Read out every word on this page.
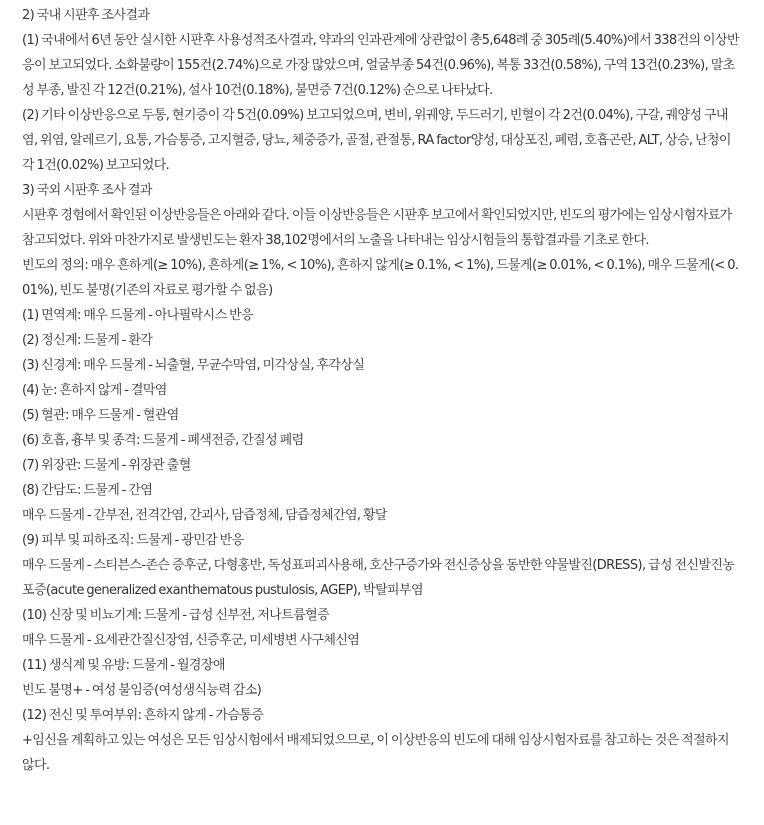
2) 국내 시판후 조사결과

(1) 국내에서 6년 동안 실시한 시판후 사용성적조사결과, 약과의 인과관계에 상관없이 총5,648례 중 305례(5.40%)에서 338건의 이상반응이 보고되었다. 소화불량이 155건(2.74%)으로 가장 많았으며, 얼굴부종 54건(0.96%), 복통 33건(0.58%), 구역 13건(0.23%), 말초성 부종, 발진 각 12건(0.21%), 설사 10건(0.18%), 불면증 7건(0.12%) 순으로 나타났다.

(2) 기타 이상반응으로 두통, 현기증이 각 5건(0.09%) 보고되었으며, 변비, 위궤양, 두드러기, 빈혈이 각 2건(0.04%), 구갈, 궤양성 구내염, 위염, 알레르기, 요통, 가슴통증, 고지혈증, 당뇨, 체중증가, 골절, 관절통, RA factor양성, 대상포진, 폐렴, 호흡곤란, ALT, 상승, 난청이 각 1건(0.02%) 보고되었다.

3) 국외 시판후 조사 결과

시판후 경험에서 확인된 이상반응들은 아래와 같다. 이들 이상반응들은 시판후 보고에서 확인되었지만, 빈도의 평가에는 임상시험자료가 참고되었다. 위와 마찬가지로 발생빈도는 환자 38,102명에서의 노출을 나타내는 임상시험들의 통합결과를 기초로 한다.

빈도의 정의: 매우 흔하게(≥ 10%), 흔하게(≥ 1%, < 10%), 흔하지 않게(≥ 0.1%, < 1%), 드물게(≥ 0.01%, < 0.1%), 매우 드물게(< 0.01%), 빈도 불명(기존의 자료로 평가할 수 없음)

(1) 면역계: 매우 드물게 - 아나필락시스 반응

(2) 정신계: 드물게 - 환각

(3) 신경계: 매우 드물게 - 뇌출혈, 무균수막염, 미각상실, 후각상실

(4) 눈: 흔하지 않게 - 결막염

(5) 혈관: 매우 드물게 - 혈관염

(6) 호흡, 흉부 및 종격: 드물게 - 폐색전증, 간질성 폐렴

(7) 위장관: 드물게 - 위장관 출혈

(8) 간담도: 드물게 - 간염

매우 드물게 - 간부전, 전격간염, 간괴사, 담즙정체, 담즙정체간염, 황달

(9) 피부 및 피하조직: 드물게 - 광민감 반응

매우 드물게 - 스티븐스-존슨 증후군, 다형홍반, 독성표피괴사용해, 호산구증가와 전신증상을 동반한 약물발진(DRESS), 급성 전신발진농포증(acute generalized exanthematous pustulosis, AGEP), 박탈피부염

(10) 신장 및 비뇨기계: 드물게 - 급성 신부전, 저나트륨혈증

매우 드물게 - 요세관간질신장염, 신증후군, 미세병변 사구체신염

(11) 생식계 및 유방: 드물게 - 월경장애

빈도 불명+ - 여성 불임증(여성생식능력 감소)

(12) 전신 및 투여부위: 흔하지 않게 - 가슴통증

+임신을 계획하고 있는 여성은 모든 임상시험에서 배제되었으므로, 이 이상반응의 빈도에 대해 임상시험자료를 참고하는 것은 적절하지 않다.
